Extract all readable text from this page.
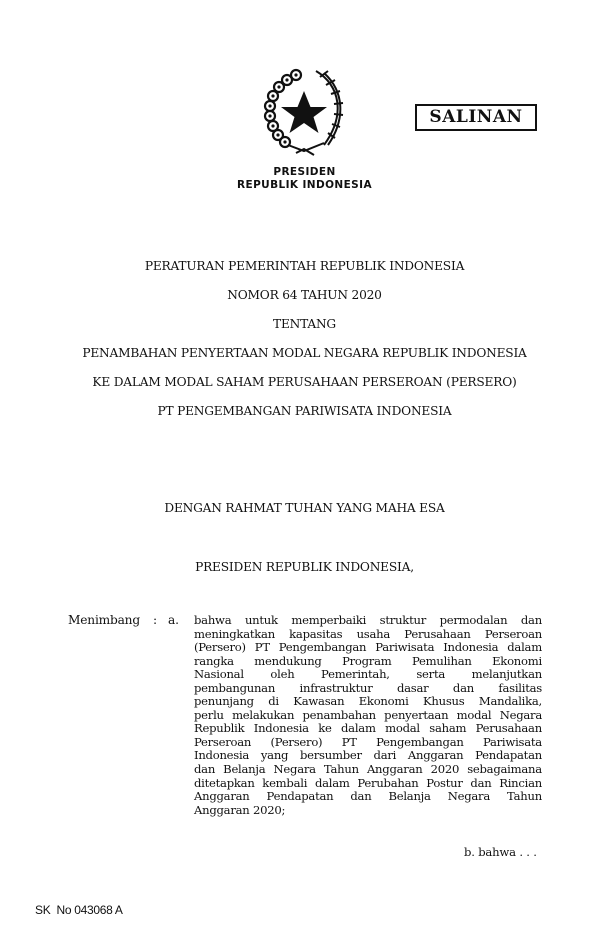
PRESIDEN
REPUBLIK INDONESIA
SALINAN
PERATURAN PEMERINTAH REPUBLIK INDONESIA
NOMOR 64 TAHUN 2020
TENTANG
PENAMBAHAN PENYERTAAN MODAL NEGARA REPUBLIK INDONESIA
KE DALAM MODAL SAHAM PERUSAHAAN PERSEROAN (PERSERO)
PT PENGEMBANGAN PARIWISATA INDONESIA
DENGAN RAHMAT TUHAN YANG MAHA ESA
PRESIDEN REPUBLIK INDONESIA,
Menimbang : a. bahwa untuk memperbaiki struktur permodalan dan
meningkatkan kapasitas usaha Perusahaan Perseroan
(Persero) PT Pengembangan Pariwisata Indonesia dalam
rangka mendukung Program Pemulihan Ekonomi
Nasional oleh Pemerintah, serta melanjutkan
pembangunan infrastruktur dasar dan fasilitas
penunjang di Kawasan Ekonomi Khusus Mandalika,
perlu melakukan penambahan penyertaan modal Negara
Republik Indonesia ke dalam modal saham Perusahaan
Perseroan (Persero) PT Pengembangan Pariwisata
Indonesia yang bersumber dari Anggaran Pendapatan
dan Belanja Negara Tahun Anggaran 2020 sebagaimana
ditetapkan kembali dalam Perubahan Postur dan Rincian
Anggaran Pendapatan dan Belanja Negara Tahun
Anggaran 2020;
b. bahwa . . .
SK  No 043068 A
